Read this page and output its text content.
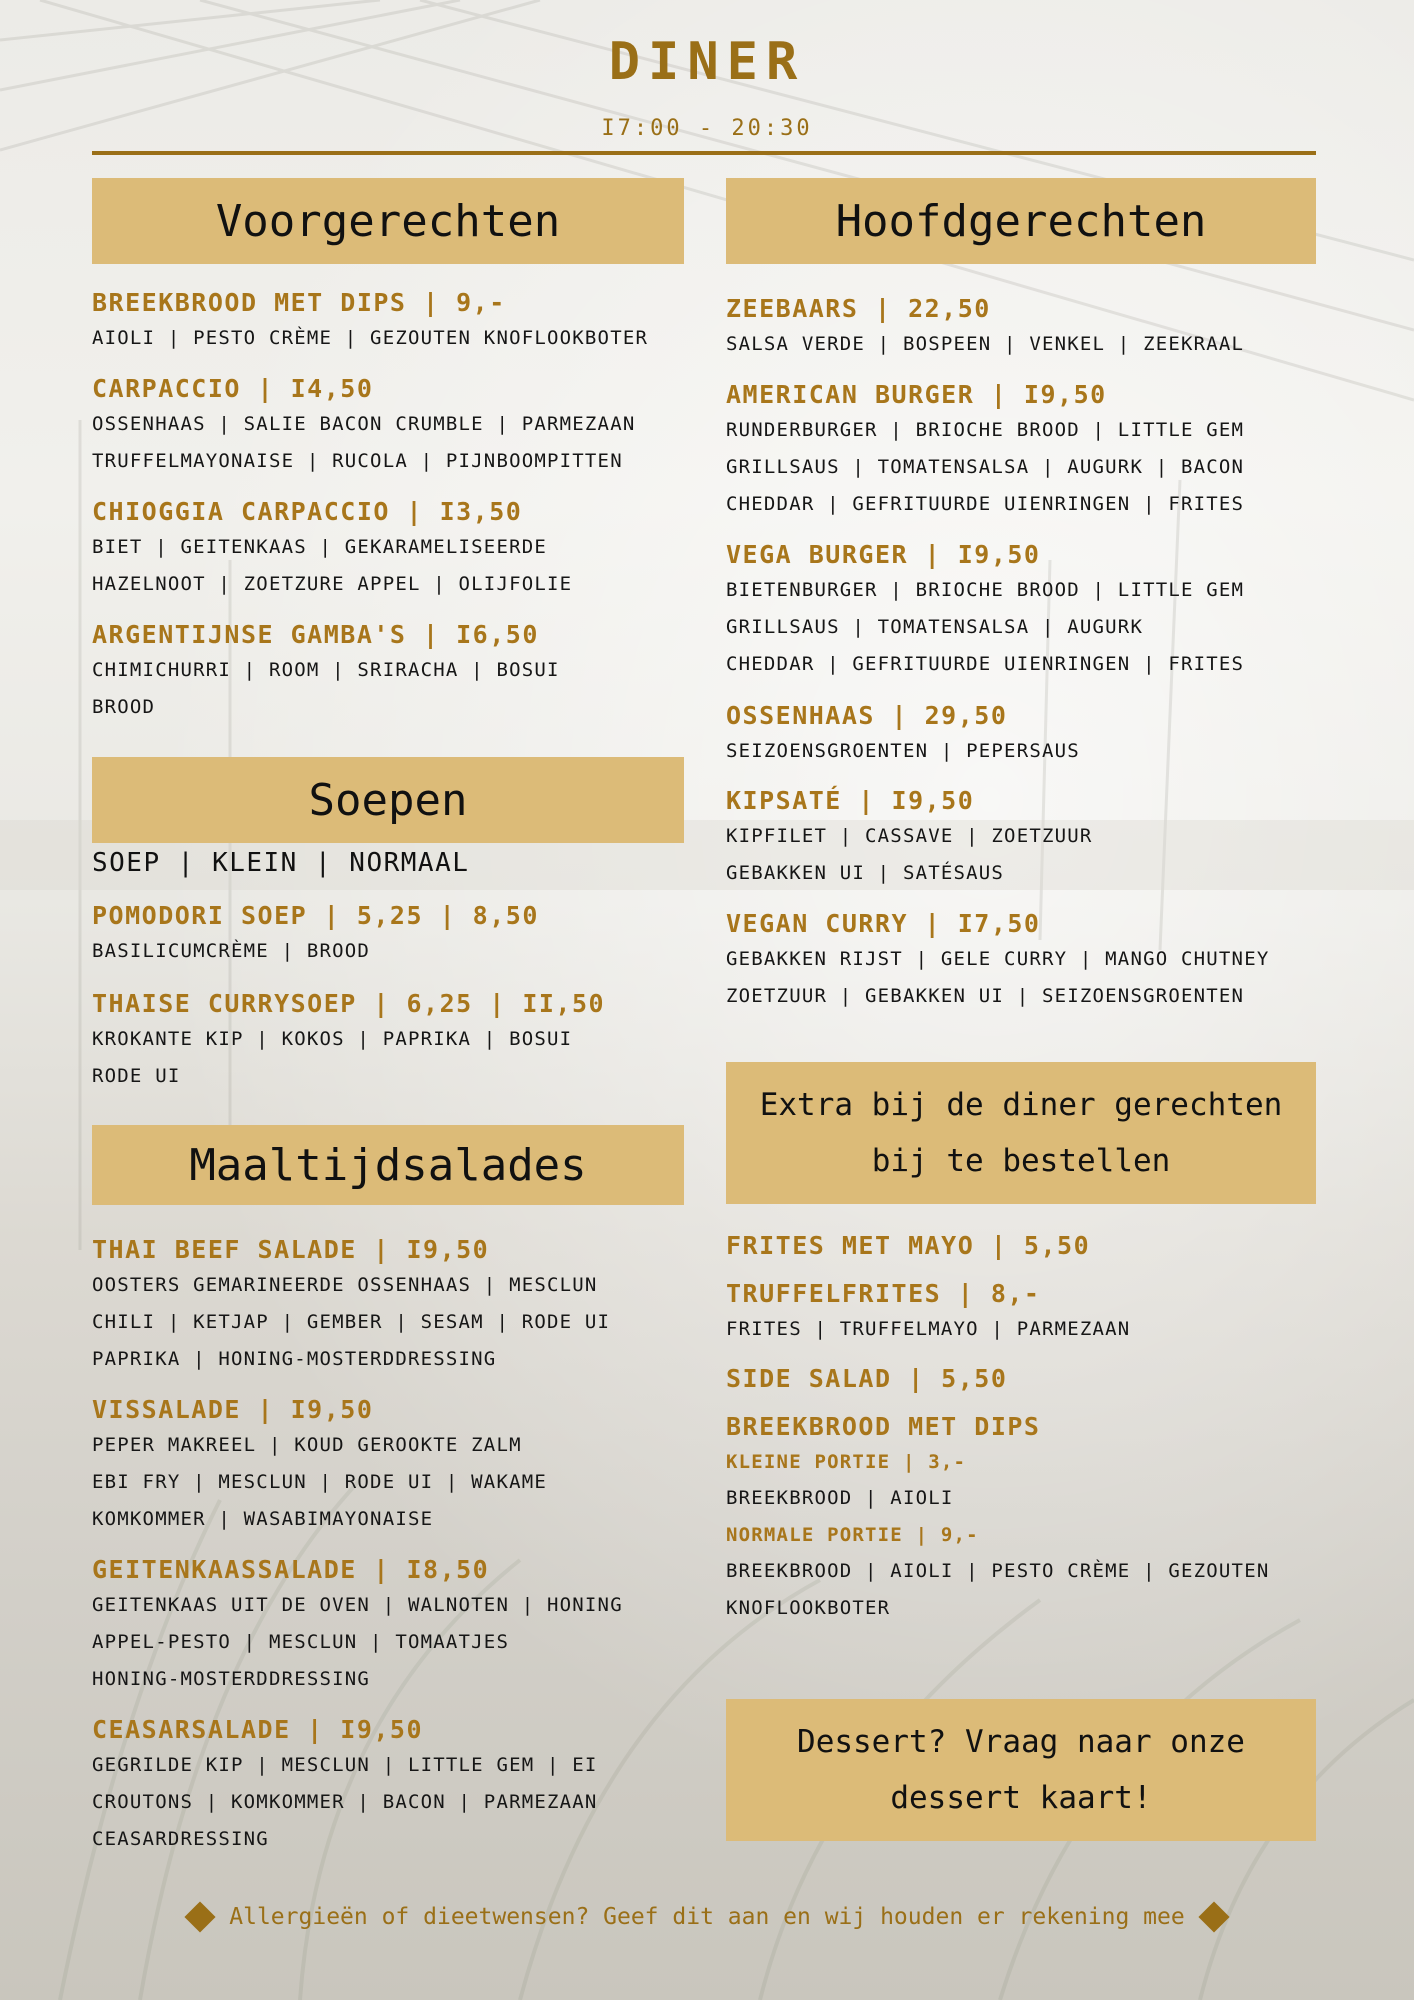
DINER
I7:00 - 20:30
Voorgerechten
BREEKBROOD MET DIPS | 9,-
AIOLI | PESTO CRÈME | GEZOUTEN KNOFLOOKBOTER
CARPACCIO | I4,50
OSSENHAAS | SALIE BACON CRUMBLE | PARMEZAAN
TRUFFELMAYONAISE | RUCOLA | PIJNBOOMPITTEN
CHIOGGIA CARPACCIO | I3,50
BIET | GEITENKAAS | GEKARAMELISEERDE
HAZELNOOT | ZOETZURE APPEL | OLIJFOLIE
ARGENTIJNSE GAMBA'S | I6,50
CHIMICHURRI | ROOM | SRIRACHA | BOSUI
BROOD
Soepen
SOEP | KLEIN | NORMAAL
POMODORI SOEP | 5,25 | 8,50
BASILICUMCRÈME | BROOD
THAISE CURRYSOEP | 6,25 | II,50
KROKANTE KIP | KOKOS | PAPRIKA | BOSUI
RODE UI
Maaltijdsalades
THAI BEEF SALADE | I9,50
OOSTERS GEMARINEERDE OSSENHAAS | MESCLUN
CHILI | KETJAP | GEMBER | SESAM | RODE UI
PAPRIKA | HONING-MOSTERDDRESSING
VISSALADE | I9,50
PEPER MAKREEL | KOUD GEROOKTE ZALM
EBI FRY | MESCLUN | RODE UI | WAKAME
KOMKOMMER | WASABIMAYONAISE
GEITENKAASSALADE | I8,50
GEITENKAAS UIT DE OVEN | WALNOTEN | HONING
APPEL-PESTO | MESCLUN | TOMAATJES
HONING-MOSTERDDRESSING
CEASARSALADE | I9,50
GEGRILDE KIP | MESCLUN | LITTLE GEM | EI
CROUTONS | KOMKOMMER | BACON | PARMEZAAN
CEASARDRESSING
Hoofdgerechten
ZEEBAARS | 22,50
SALSA VERDE | BOSPEEN | VENKEL | ZEEKRAAL
AMERICAN BURGER | I9,50
RUNDERBURGER | BRIOCHE BROOD | LITTLE GEM
GRILLSAUS | TOMATENSALSA | AUGURK | BACON
CHEDDAR | GEFRITUURDE UIENRINGEN | FRITES
VEGA BURGER | I9,50
BIETENBURGER | BRIOCHE BROOD | LITTLE GEM
GRILLSAUS | TOMATENSALSA | AUGURK
CHEDDAR | GEFRITUURDE UIENRINGEN | FRITES
OSSENHAAS | 29,50
SEIZOENSGROENTEN | PEPERSAUS
KIPSATÉ | I9,50
KIPFILET | CASSAVE | ZOETZUUR
GEBAKKEN UI | SATÉSAUS
VEGAN CURRY | I7,50
GEBAKKEN RIJST | GELE CURRY | MANGO CHUTNEY
ZOETZUUR | GEBAKKEN UI | SEIZOENSGROENTEN
Extra bij de diner gerechten
bij te bestellen
FRITES MET MAYO | 5,50
TRUFFELFRITES | 8,-
FRITES | TRUFFELMAYO | PARMEZAAN
SIDE SALAD | 5,50
BREEKBROOD MET DIPS
KLEINE PORTIE | 3,-
BREEKBROOD | AIOLI
NORMALE PORTIE | 9,-
BREEKBROOD | AIOLI | PESTO CRÈME | GEZOUTEN
KNOFLOOKBOTER
Dessert? Vraag naar onze
dessert kaart!
Allergieën of dieetwensen? Geef dit aan en wij houden er rekening mee
